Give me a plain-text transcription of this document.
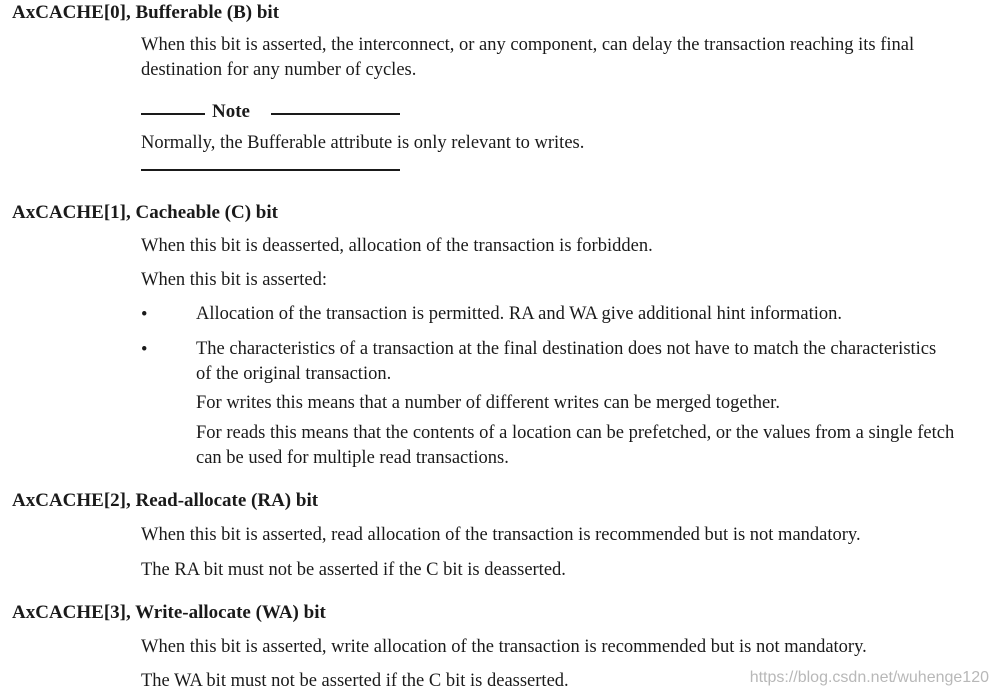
AxCACHE[0], Bufferable (B) bit
When this bit is asserted, the interconnect, or any component, can delay the transaction reaching its final destination for any number of cycles.
Note
Normally, the Bufferable attribute is only relevant to writes.
AxCACHE[1], Cacheable (C) bit
When this bit is deasserted, allocation of the transaction is forbidden.
When this bit is asserted:
•	Allocation of the transaction is permitted. RA and WA give additional hint information.
•	The characteristics of a transaction at the final destination does not have to match the characteristics of the original transaction.
For writes this means that a number of different writes can be merged together.
For reads this means that the contents of a location can be prefetched, or the values from a single fetch can be used for multiple read transactions.
AxCACHE[2], Read-allocate (RA) bit
When this bit is asserted, read allocation of the transaction is recommended but is not mandatory.
The RA bit must not be asserted if the C bit is deasserted.
AxCACHE[3], Write-allocate (WA) bit
When this bit is asserted, write allocation of the transaction is recommended but is not mandatory.
The WA bit must not be asserted if the C bit is deasserted.	https://blog.csdn.net/wuhenge120
